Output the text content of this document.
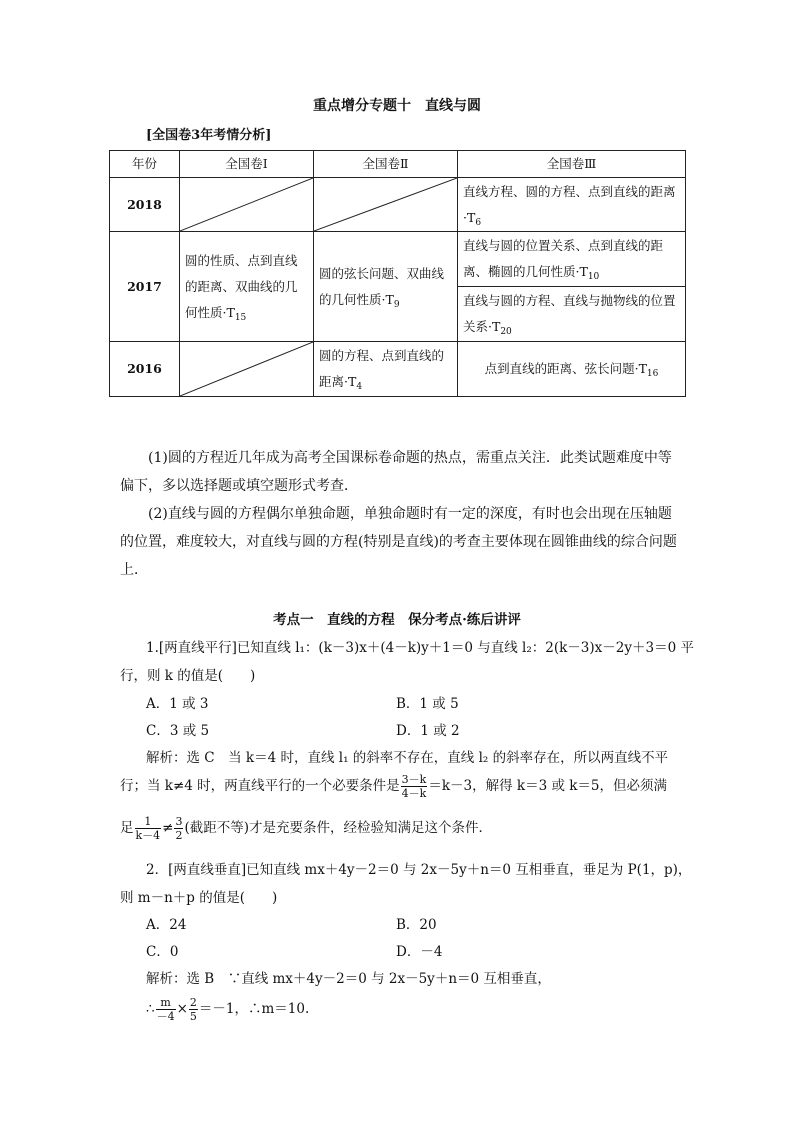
重点增分专题十　直线与圆
[全国卷3年考情分析]
年份	全国卷Ⅰ	全国卷Ⅱ	全国卷Ⅲ
2018			直线方程、圆的方程、点到直线的距离$\cdot T_6$
2017	圆的性质、点到直线的距离、双曲线的几何性质$\cdot T_{15}$	圆的弦长问题、双曲线的几何性质$\cdot T_9$	直线与圆的位置关系、点到直线的距离、椭圆的几何性质$\cdot T_{10}$
			直线与圆的方程、直线与抛物线的位置关系$\cdot T_{20}$
2016		圆的方程、点到直线的距离$\cdot T_4$	点到直线的距离、弦长问题$\cdot T_{16}$
(1)圆的方程近几年成为高考全国课标卷命题的热点，需重点关注．此类试题难度中等偏下，多以选择题或填空题形式考查．
(2)直线与圆的方程偶尔单独命题，单独命题时有一定的深度，有时也会出现在压轴题的位置，难度较大，对直线与圆的方程(特别是直线)的考查主要体现在圆锥曲线的综合问题上．
考点一　直线的方程　保分考点·练后讲评
1.[两直线平行]已知直线 l₁：(k－3)x＋(4－k)y＋1＝0 与直线 l₂：2(k－3)x－2y＋3＝0 平
行，则 k 的值是(　　)
A．1 或 3	B．1 或 5
C．3 或 5	D．1 或 2
解析：选 C　当 k＝4 时，直线 l₁ 的斜率不存在，直线 l₂ 的斜率存在，所以两直线不平
行；当 k≠4 时，两直线平行的一个必要条件是 $\frac{3-k}{4-k} =k-3$，解得 k＝3 或 k＝5，但必须满
足 $\frac{1}{k-4} \ne \frac{3}{2}$ (截距不等)才是充要条件，经检验知满足这个条件．
2．[两直线垂直]已知直线 mx＋4y－2＝0 与 2x－5y＋n＝0 互相垂直，垂足为 P(1，p)，
则 m－n＋p 的值是(　　)
A．24	B．20
C．0	D．－4
解析：选 B　∵直线 mx＋4y－2＝0 与 2x－5y＋n＝0 互相垂直，
∴ $\frac{m}{-4} \times \frac{2}{5} =-1$，∴m＝10.
